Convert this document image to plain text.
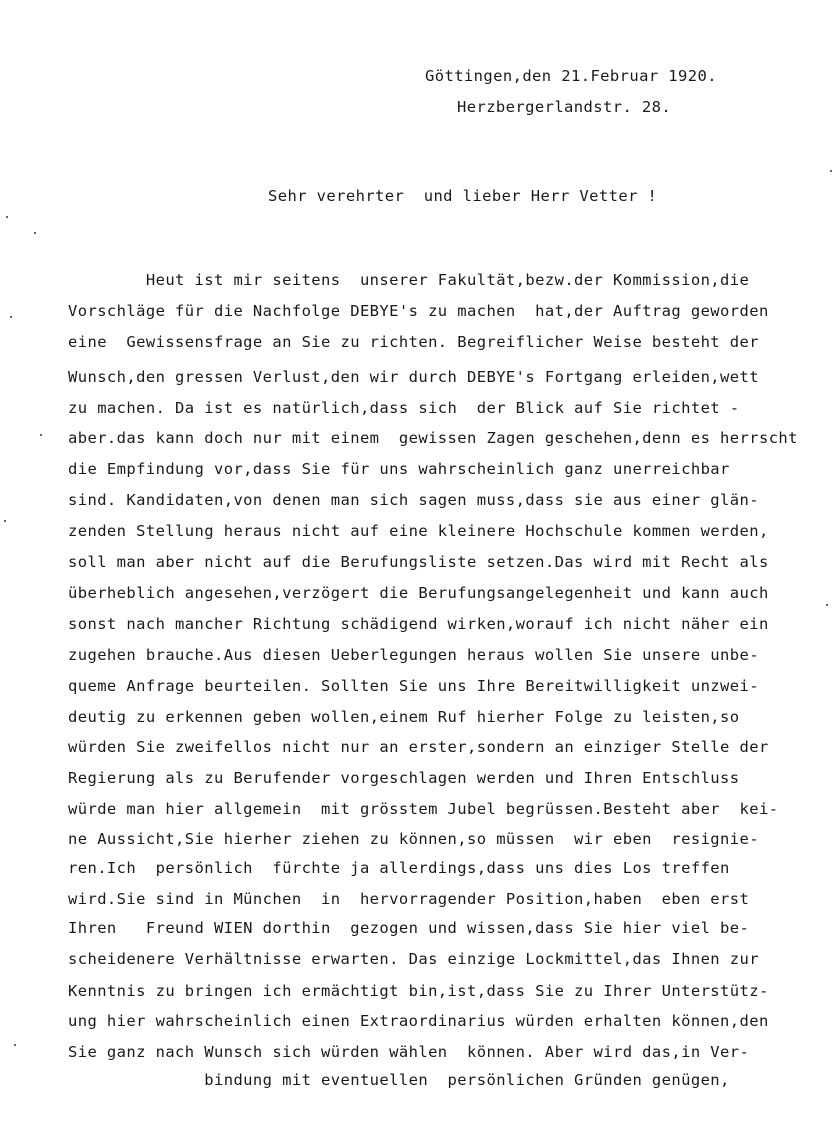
Göttingen,den 21.Februar 1920.
Herzbergerlandstr. 28.
Sehr verehrter  und lieber Herr Vetter !
Heut ist mir seitens  unserer Fakultät,bezw.der Kommission,die
Vorschläge für die Nachfolge DEBYE's zu machen  hat,der Auftrag geworden
eine  Gewissensfrage an Sie zu richten. Begreiflicher Weise besteht der
Wunsch,den gressen Verlust,den wir durch DEBYE's Fortgang erleiden,wett
zu machen. Da ist es natürlich,dass sich  der Blick auf Sie richtet -
aber.das kann doch nur mit einem  gewissen Zagen geschehen,denn es herrscht
die Empfindung vor,dass Sie für uns wahrscheinlich ganz unerreichbar
sind. Kandidaten,von denen man sich sagen muss,dass sie aus einer glän-
zenden Stellung heraus nicht auf eine kleinere Hochschule kommen werden,
soll man aber nicht auf die Berufungsliste setzen.Das wird mit Recht als
überheblich angesehen,verzögert die Berufungsangelegenheit und kann auch
sonst nach mancher Richtung schädigend wirken,worauf ich nicht näher ein
zugehen brauche.Aus diesen Ueberlegungen heraus wollen Sie unsere unbe-
queme Anfrage beurteilen. Sollten Sie uns Ihre Bereitwilligkeit unzwei-
deutig zu erkennen geben wollen,einem Ruf hierher Folge zu leisten,so
würden Sie zweifellos nicht nur an erster,sondern an einziger Stelle der
Regierung als zu Berufender vorgeschlagen werden und Ihren Entschluss
würde man hier allgemein  mit grösstem Jubel begrüssen.Besteht aber  kei-
ne Aussicht,Sie hierher ziehen zu können,so müssen  wir eben  resignie-
ren.Ich  persönlich  fürchte ja allerdings,dass uns dies Los treffen
wird.Sie sind in München  in  hervorragender Position,haben  eben erst
Ihren   Freund WIEN dorthin  gezogen und wissen,dass Sie hier viel be-
scheidenere Verhältnisse erwarten. Das einzige Lockmittel,das Ihnen zur
Kenntnis zu bringen ich ermächtigt bin,ist,dass Sie zu Ihrer Unterstütz-
ung hier wahrscheinlich einen Extraordinarius würden erhalten können,den
Sie ganz nach Wunsch sich würden wählen  können. Aber wird das,in Ver-
bindung mit eventuellen  persönlichen Gründen genügen,
